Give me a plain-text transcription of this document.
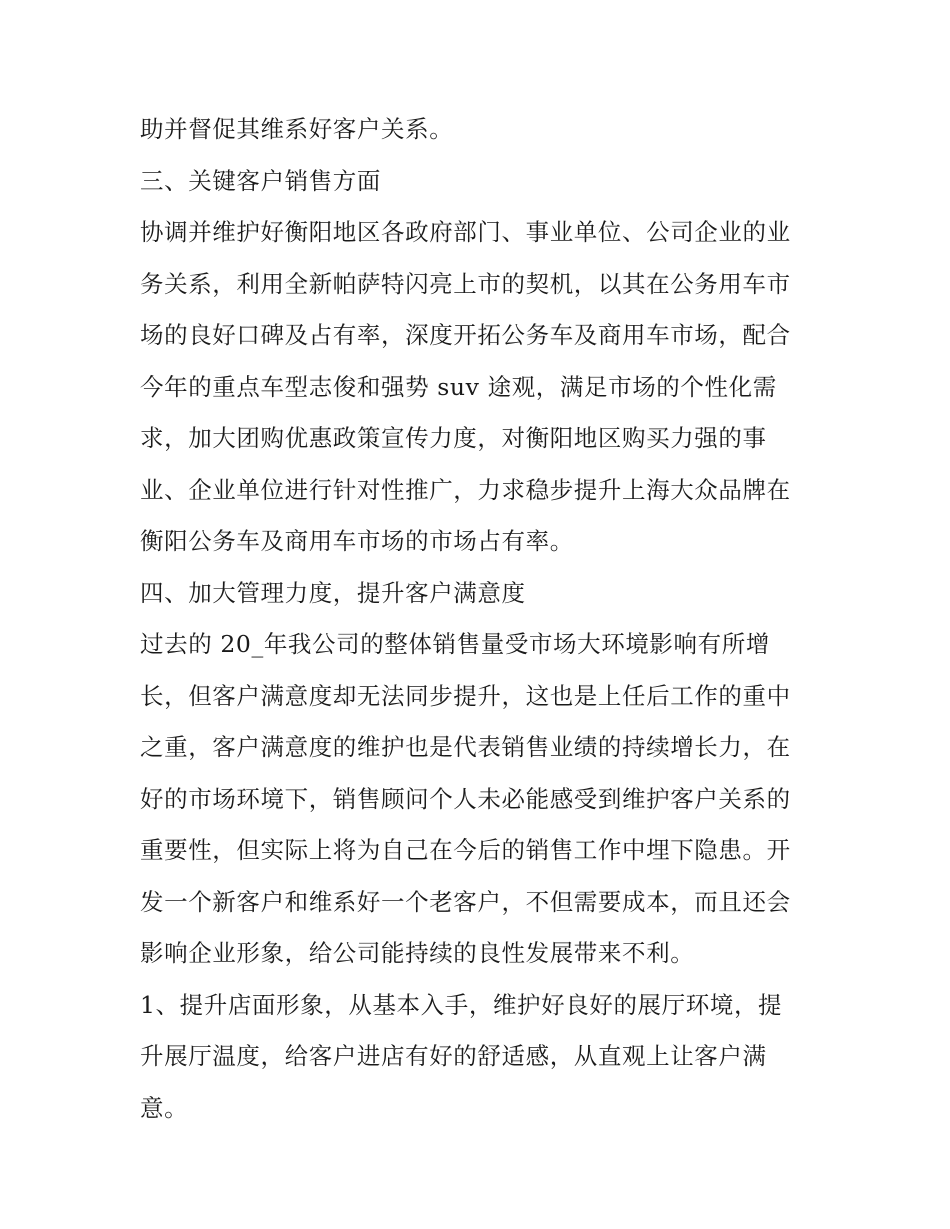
助并督促其维系好客户关系。
三、关键客户销售方面
协调并维护好衡阳地区各政府部门、事业单位、公司企业的业
务关系，利用全新帕萨特闪亮上市的契机，以其在公务用车市
场的良好口碑及占有率，深度开拓公务车及商用车市场，配合
今年的重点车型志俊和强势 suv 途观，满足市场的个性化需
求，加大团购优惠政策宣传力度，对衡阳地区购买力强的事
业、企业单位进行针对性推广，力求稳步提升上海大众品牌在
衡阳公务车及商用车市场的市场占有率。
四、加大管理力度，提升客户满意度
过去的 20_年我公司的整体销售量受市场大环境影响有所增
长，但客户满意度却无法同步提升，这也是上任后工作的重中
之重，客户满意度的维护也是代表销售业绩的持续增长力，在
好的市场环境下，销售顾问个人未必能感受到维护客户关系的
重要性，但实际上将为自己在今后的销售工作中埋下隐患。开
发一个新客户和维系好一个老客户，不但需要成本，而且还会
影响企业形象，给公司能持续的良性发展带来不利。
1、提升店面形象，从基本入手，维护好良好的展厅环境，提
升展厅温度，给客户进店有好的舒适感，从直观上让客户满
意。
